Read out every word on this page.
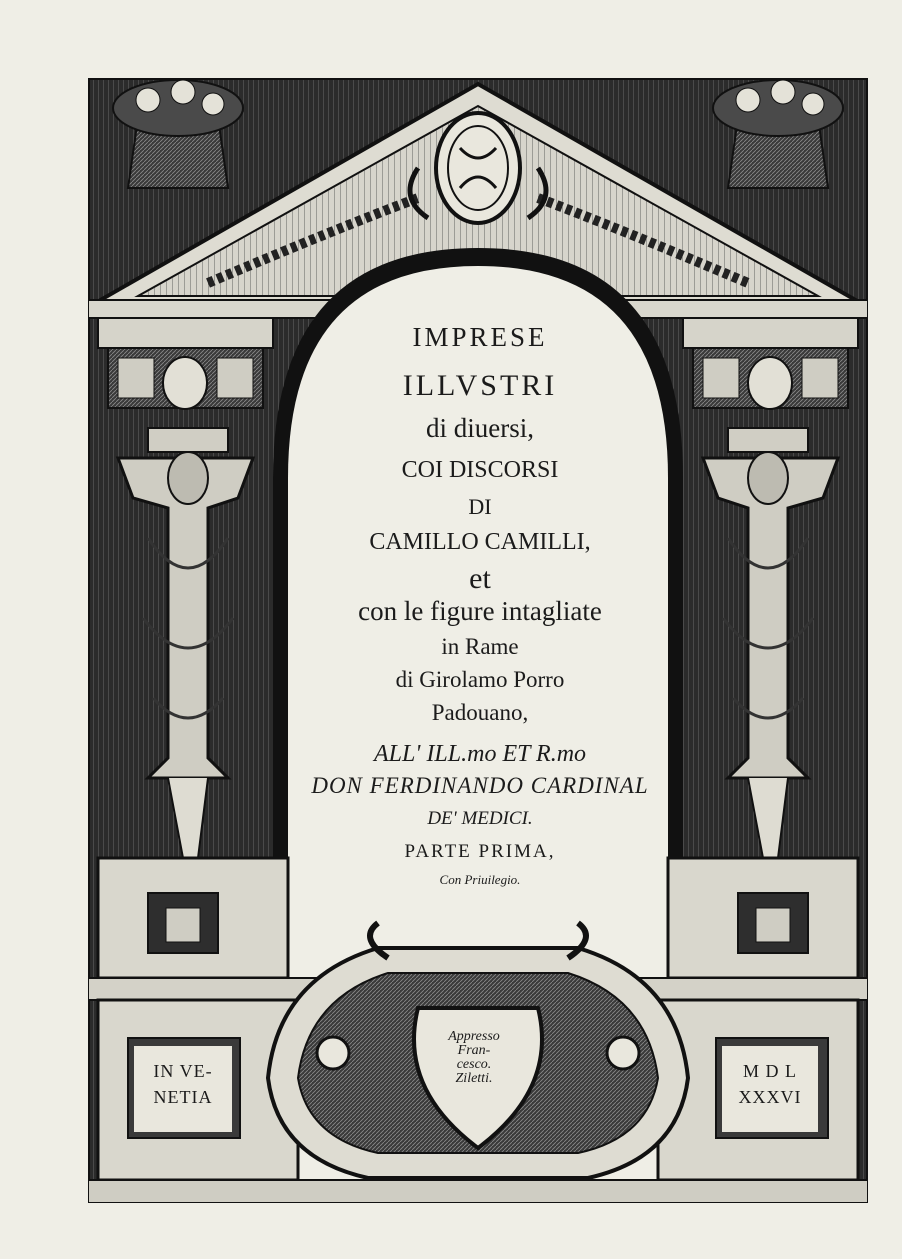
IMPRESE
ILLVSTRI
di diuersi,
COI DISCORSI
DI
CAMILLO CAMILLI,
et
con le figure intagliate
in Rame
di Girolamo Porro
Padouano,
ALL' ILL.mo ET R.mo
DON FERDINANDO CARDINAL
DE' MEDICI.
PARTE PRIMA,
Con Priuilegio.
IN VE-
NETIA
M D L
XXXVI
Appresso
Fran-
cesco.
Ziletti.
